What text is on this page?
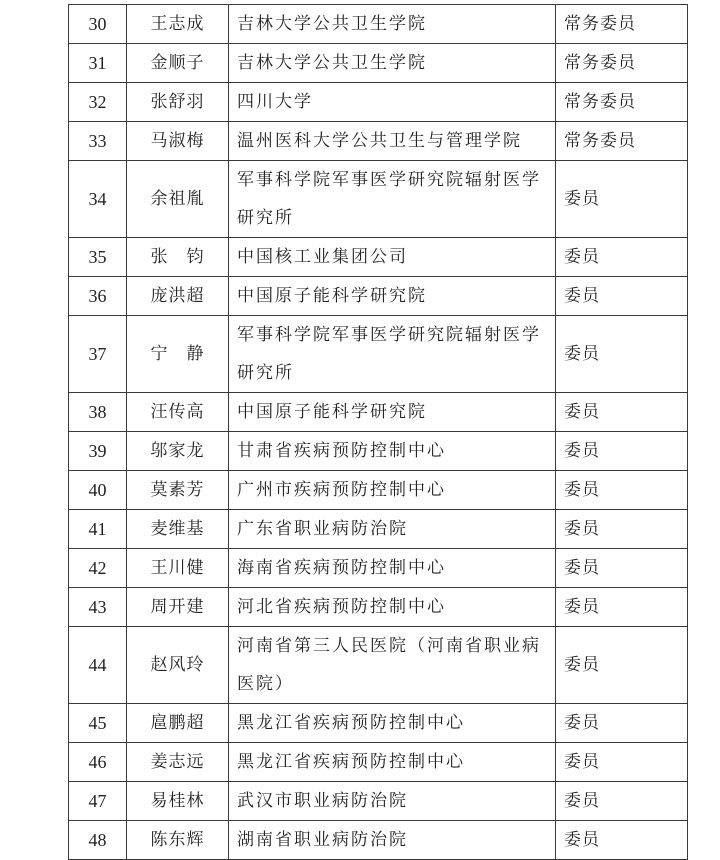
30	王志成	吉林大学公共卫生学院	常务委员
31	金顺子	吉林大学公共卫生学院	常务委员
32	张舒羽	四川大学	常务委员
33	马淑梅	温州医科大学公共卫生与管理学院	常务委员
34	余祖胤	军事科学院军事医学研究院辐射医学研究所	委员
35	张　钧	中国核工业集团公司	委员
36	庞洪超	中国原子能科学研究院	委员
37	宁　静	军事科学院军事医学研究院辐射医学研究所	委员
38	汪传高	中国原子能科学研究院	委员
39	邬家龙	甘肃省疾病预防控制中心	委员
40	莫素芳	广州市疾病预防控制中心	委员
41	麦维基	广东省职业病防治院	委员
42	王川健	海南省疾病预防控制中心	委员
43	周开建	河北省疾病预防控制中心	委员
44	赵风玲	河南省第三人民医院（河南省职业病医院）	委员
45	扈鹏超	黑龙江省疾病预防控制中心	委员
46	姜志远	黑龙江省疾病预防控制中心	委员
47	易桂林	武汉市职业病防治院	委员
48	陈东辉	湖南省职业病防治院	委员
